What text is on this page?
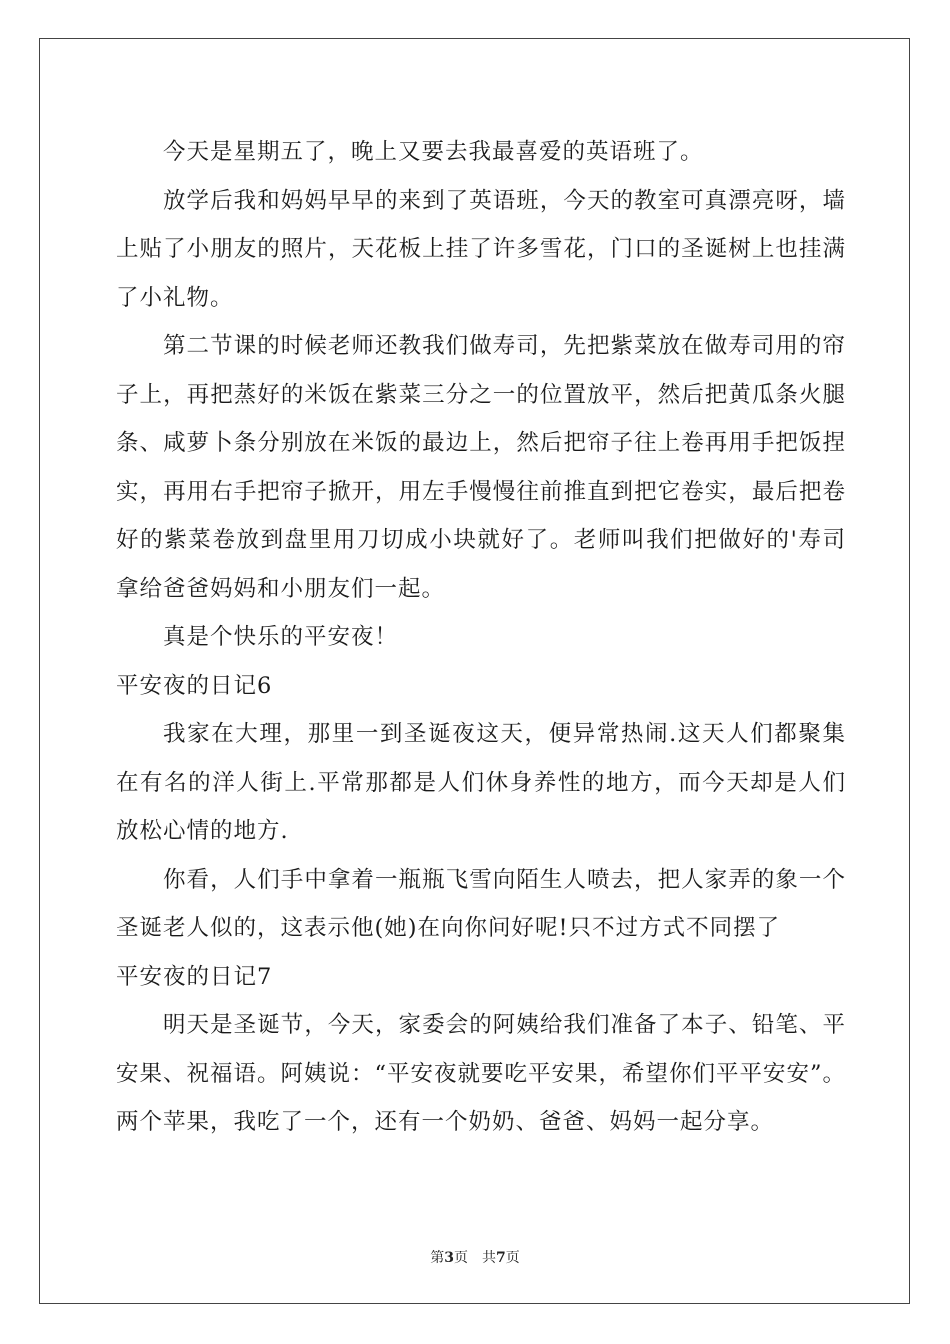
今天是星期五了，晚上又要去我最喜爱的英语班了。

放学后我和妈妈早早的来到了英语班，今天的教室可真漂亮呀，墙上贴了小朋友的照片，天花板上挂了许多雪花，门口的圣诞树上也挂满了小礼物。

第二节课的时候老师还教我们做寿司，先把紫菜放在做寿司用的帘子上，再把蒸好的米饭在紫菜三分之一的位置放平，然后把黄瓜条火腿条、咸萝卜条分别放在米饭的最边上，然后把帘子往上卷再用手把饭捏实，再用右手把帘子掀开，用左手慢慢往前推直到把它卷实，最后把卷好的紫菜卷放到盘里用刀切成小块就好了。老师叫我们把做好的'寿司拿给爸爸妈妈和小朋友们一起。

真是个快乐的平安夜！

平安夜的日记6

我家在大理，那里一到圣诞夜这天，便异常热闹.这天人们都聚集在有名的洋人街上.平常那都是人们休身养性的地方，而今天却是人们放松心情的地方.

你看，人们手中拿着一瓶瓶飞雪向陌生人喷去，把人家弄的象一个圣诞老人似的，这表示他(她)在向你问好呢!只不过方式不同摆了

平安夜的日记7

明天是圣诞节，今天，家委会的阿姨给我们准备了本子、铅笔、平安果、祝福语。阿姨说：“平安夜就要吃平安果，希望你们平平安安”。两个苹果，我吃了一个，还有一个奶奶、爸爸、妈妈一起分享。

第3页　共7页
